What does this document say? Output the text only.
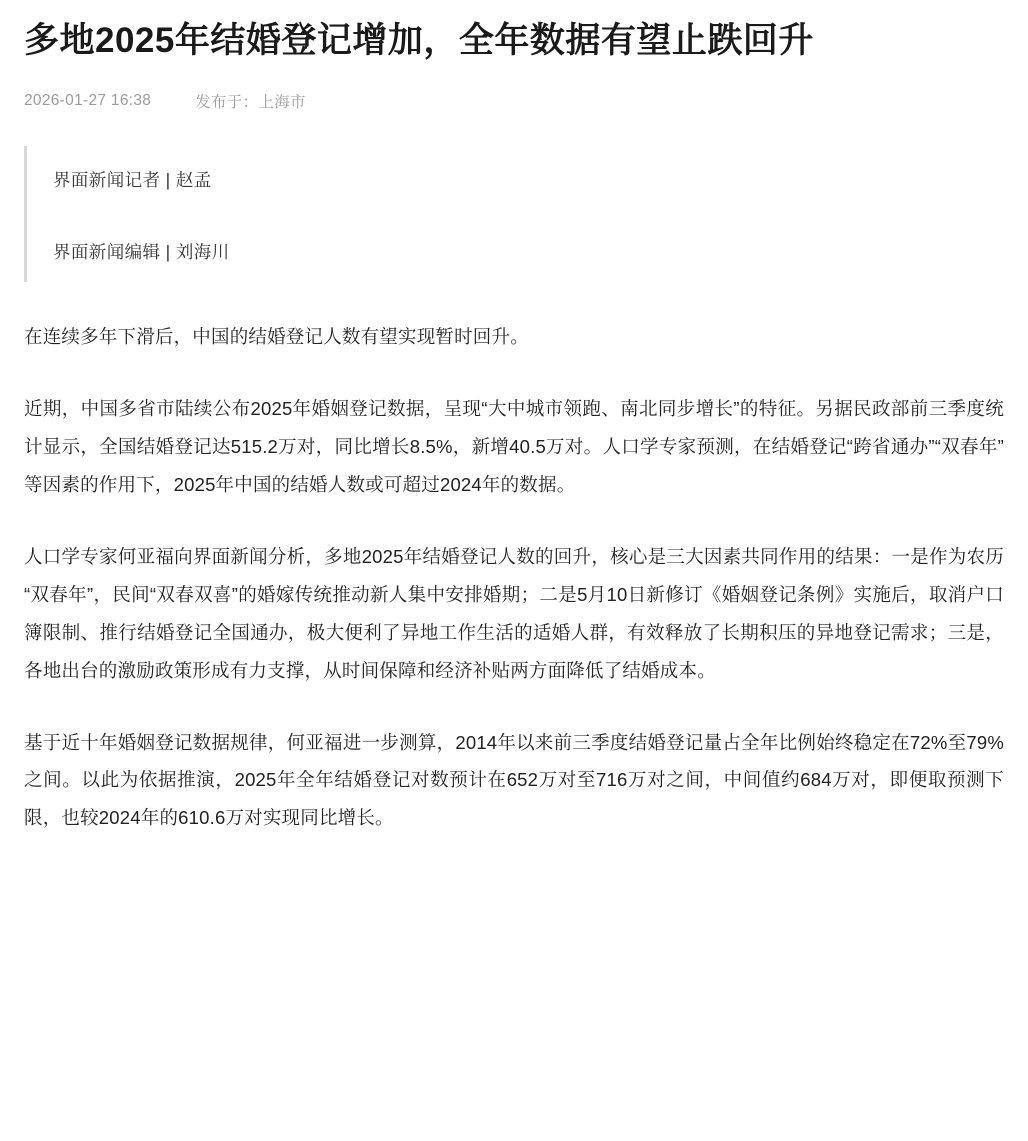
多地2025年结婚登记增加，全年数据有望止跌回升
2026-01-27 16:38	发布于：上海市
界面新闻记者 | 赵孟
界面新闻编辑 | 刘海川

在连续多年下滑后，中国的结婚登记人数有望实现暂时回升。

近期，中国多省市陆续公布2025年婚姻登记数据，呈现“大中城市领跑、南北同步增长”的特征。另据民政部前三季度统计显示，全国结婚登记达515.2万对，同比增长8.5%，新增40.5万对。人口学专家预测，在结婚登记“跨省通办”“双春年”等因素的作用下，2025年中国的结婚人数或可超过2024年的数据。

人口学专家何亚福向界面新闻分析，多地2025年结婚登记人数的回升，核心是三大因素共同作用的结果：一是作为农历“双春年”，民间“双春双喜”的婚嫁传统推动新人集中安排婚期；二是5月10日新修订《婚姻登记条例》实施后，取消户口簿限制、推行结婚登记全国通办，极大便利了异地工作生活的适婚人群，有效释放了长期积压的异地登记需求；三是，各地出台的激励政策形成有力支撑，从时间保障和经济补贴两方面降低了结婚成本。

基于近十年婚姻登记数据规律，何亚福进一步测算，2014年以来前三季度结婚登记量占全年比例始终稳定在72%至79%之间。以此为依据推演，2025年全年结婚登记对数预计在652万对至716万对之间，中间值约684万对，即便取预测下限，也较2024年的610.6万对实现同比增长。
